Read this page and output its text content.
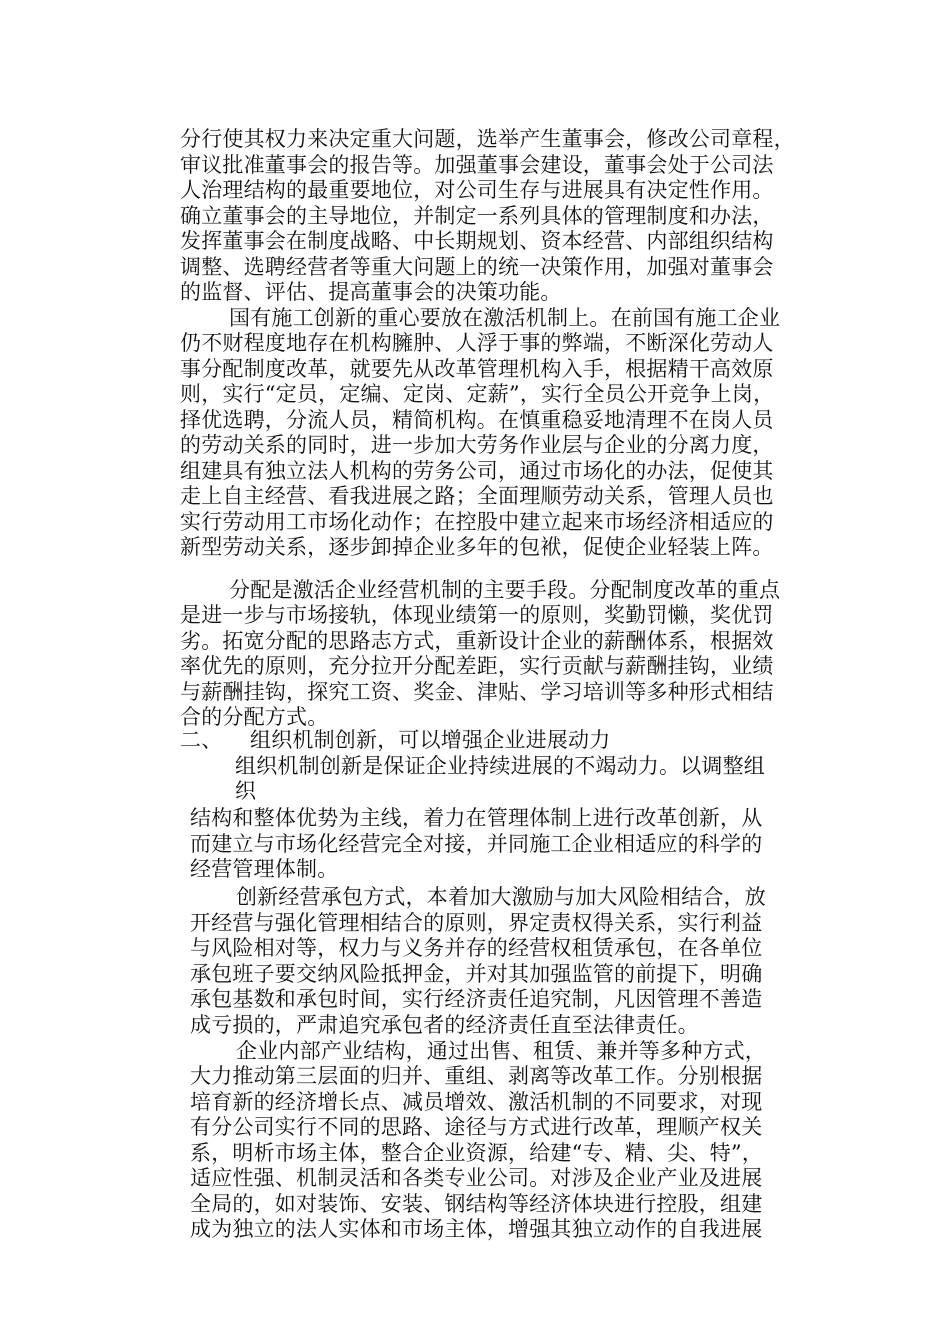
分行使其权力来决定重大问题，选举产生董事会，修改公司章程，
审议批准董事会的报告等。加强董事会建设，董事会处于公司法
人治理结构的最重要地位，对公司生存与进展具有决定性作用。
确立董事会的主导地位，并制定一系列具体的管理制度和办法，
发挥董事会在制度战略、中长期规划、资本经营、内部组织结构
调整、选聘经营者等重大问题上的统一决策作用，加强对董事会
的监督、评估、提高董事会的决策功能。
国有施工创新的重心要放在激活机制上。在前国有施工企业
仍不财程度地存在机构臃肿、人浮于事的弊端，不断深化劳动人
事分配制度改革，就要先从改革管理机构入手，根据精干高效原
则，实行“定员，定编、定岗、定薪”，实行全员公开竞争上岗，
择优选聘，分流人员，精简机构。在慎重稳妥地清理不在岗人员
的劳动关系的同时，进一步加大劳务作业层与企业的分离力度，
组建具有独立法人机构的劳务公司，通过市场化的办法，促使其
走上自主经营、看我进展之路；全面理顺劳动关系，管理人员也
实行劳动用工市场化动作；在控股中建立起来市场经济相适应的
新型劳动关系，逐步卸掉企业多年的包袱，促使企业轻装上阵。
分配是激活企业经营机制的主要手段。分配制度改革的重点
是进一步与市场接轨，体现业绩第一的原则，奖勤罚懒，奖优罚
劣。拓宽分配的思路志方式，重新设计企业的薪酬体系，根据效
率优先的原则，充分拉开分配差距，实行贡献与薪酬挂钩，业绩
与薪酬挂钩，探究工资、奖金、津贴、学习培训等多种形式相结
合的分配方式。
二、 组织机制创新，可以增强企业进展动力
组织机制创新是保证企业持续进展的不竭动力。以调整组
织
结构和整体优势为主线，着力在管理体制上进行改革创新，从
而建立与市场化经营完全对接，并同施工企业相适应的科学的
经营管理体制。
创新经营承包方式，本着加大激励与加大风险相结合，放
开经营与强化管理相结合的原则，界定责权得关系，实行利益
与风险相对等，权力与义务并存的经营权租赁承包，在各单位
承包班子要交纳风险抵押金，并对其加强监管的前提下，明确
承包基数和承包时间，实行经济责任追究制，凡因管理不善造
成亏损的，严肃追究承包者的经济责任直至法律责任。
企业内部产业结构，通过出售、租赁、兼并等多种方式，
大力推动第三层面的归并、重组、剥离等改革工作。分别根据
培育新的经济增长点、减员增效、激活机制的不同要求，对现
有分公司实行不同的思路、途径与方式进行改革，理顺产权关
系，明析市场主体，整合企业资源，给建“专、精、尖、特”，
适应性强、机制灵活和各类专业公司。对涉及企业产业及进展
全局的，如对装饰、安装、钢结构等经济体块进行控股，组建
成为独立的法人实体和市场主体，增强其独立动作的自我进展
